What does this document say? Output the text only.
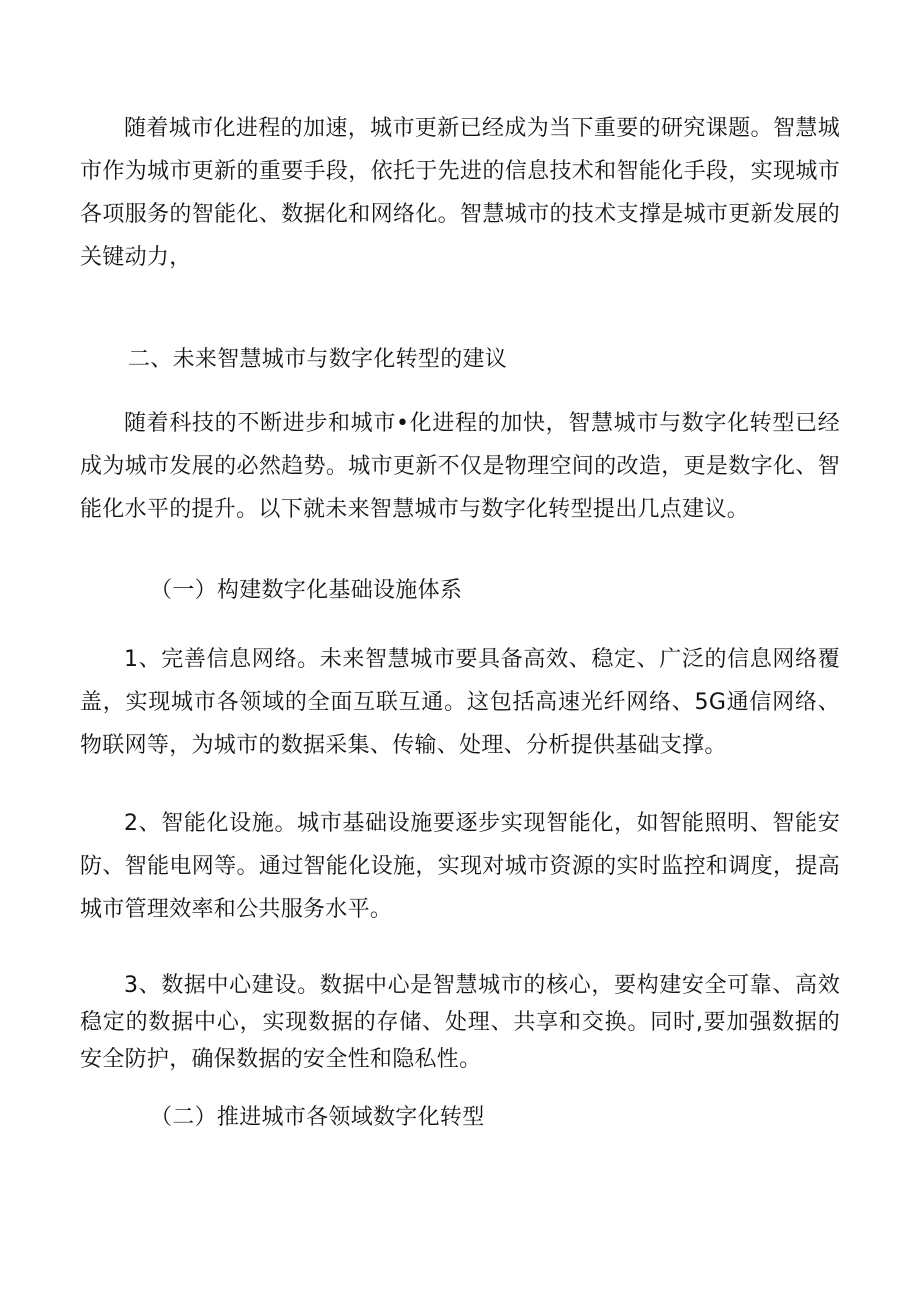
随着城市化进程的加速，城市更新已经成为当下重要的研究课题。智慧城市作为城市更新的重要手段，依托于先进的信息技术和智能化手段，实现城市各项服务的智能化、数据化和网络化。智慧城市的技术支撑是城市更新发展的关键动力，

二、未来智慧城市与数字化转型的建议

随着科技的不断进步和城市•化进程的加快，智慧城市与数字化转型已经成为城市发展的必然趋势。城市更新不仅是物理空间的改造，更是数字化、智能化水平的提升。以下就未来智慧城市与数字化转型提出几点建议。

（一）构建数字化基础设施体系

1、完善信息网络。未来智慧城市要具备高效、稳定、广泛的信息网络覆盖，实现城市各领域的全面互联互通。这包括高速光纤网络、5G通信网络、物联网等，为城市的数据采集、传输、处理、分析提供基础支撑。

2、智能化设施。城市基础设施要逐步实现智能化，如智能照明、智能安防、智能电网等。通过智能化设施，实现对城市资源的实时监控和调度，提高城市管理效率和公共服务水平。

3、数据中心建设。数据中心是智慧城市的核心，要构建安全可靠、高效稳定的数据中心，实现数据的存储、处理、共享和交换。同时,要加强数据的安全防护，确保数据的安全性和隐私性。

（二）推进城市各领域数字化转型
